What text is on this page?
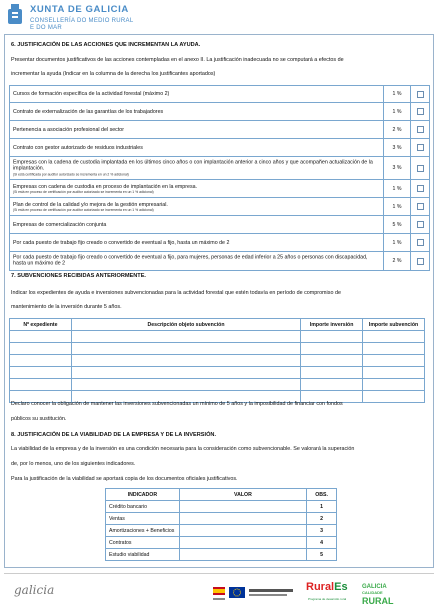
XUNTA DE GALICIA
CONSELLERÍA DO MEDIO RURAL
E DO MAR
6. JUSTIFICACIÓN DE LAS ACCIONES QUE INCREMENTAN LA AYUDA.
Presentar documentos justificativos de las acciones contempladas en el anexo II. La justificación inadecuada no se computará a efectos de
incrementar la ayuda (Indicar en la columna de la derecha los justificantes aportados)
Cursos de formación específica de la actividad forestal (máximo 2)	1 %
Contrato de externalización de las garantías de los trabajadores	1 %
Pertenencia a asociación profesional del sector	2 %
Contrato con gestor autorizado de residuos industriales	3 %
Empresas con la cadena de custodia implantada en los últimos cinco años o con implantación anterior a cinco años y que acompañen actualización de la implantación.
(Si está certificada por auditor autorizado se incrementa en un 2 % adicional)
3 %
Empresas con cadena de custodia en proceso de implantación en la empresa.
(Si está en proceso de certificación por auditor autorizado se incrementa en un 1 % adicional)
1 %
Plan de control de la calidad y/o mejora de la gestión empresarial.
(Si está en proceso de certificación por auditor autorizado se incrementa en un 1 % adicional)
1 %
Empresas de comercialización conjunta	5 %
Por cada puesto de trabajo fijo creado o convertido de eventual a fijo, hasta un máximo de 2	1 %
Por cada puesto de trabajo fijo creado o convertido de eventual a fijo, para mujeres, personas de edad inferior a 25 años o personas con discapacidad, hasta un máximo de 2	2 %
7. SUBVENCIONES RECIBIDAS ANTERIORMENTE.
Indicar los expedientes de ayuda e inversiones subvencionadas para la actividad forestal que estén todavía en período de compromiso de
mantenimiento de la inversión durante 5 años.
Nº expediente	Descripción objeto subvención	Importe inversión	Importe subvención

Declaro conocer la obligación de mantener las inversiones subvencionadas un mínimo de 5 años y la imposibilidad de financiar con fondos
públicos su sustitución.
8. JUSTIFICACIÓN DE LA VIABILIDAD DE LA EMPRESA Y DE LA INVERSIÓN.
La viabilidad de la empresa y de la inversión es una condición necesaria para la consideración como subvencionable. Se valorará la superación
de, por lo menos, uno de los siguientes indicadores.
Para la justificación de la viabilidad se aportará copia de los documentos oficiales justificativos.
INDICADOR	VALOR	OBS.
Crédito bancario		1
Ventas		2
Amortizaciones + Beneficios		3
Contratos		4
Estudio viabilidad		5
galicia	RuralEs
Programa de desarrollo rural
GALICIA
CALIDADE
RURAL
